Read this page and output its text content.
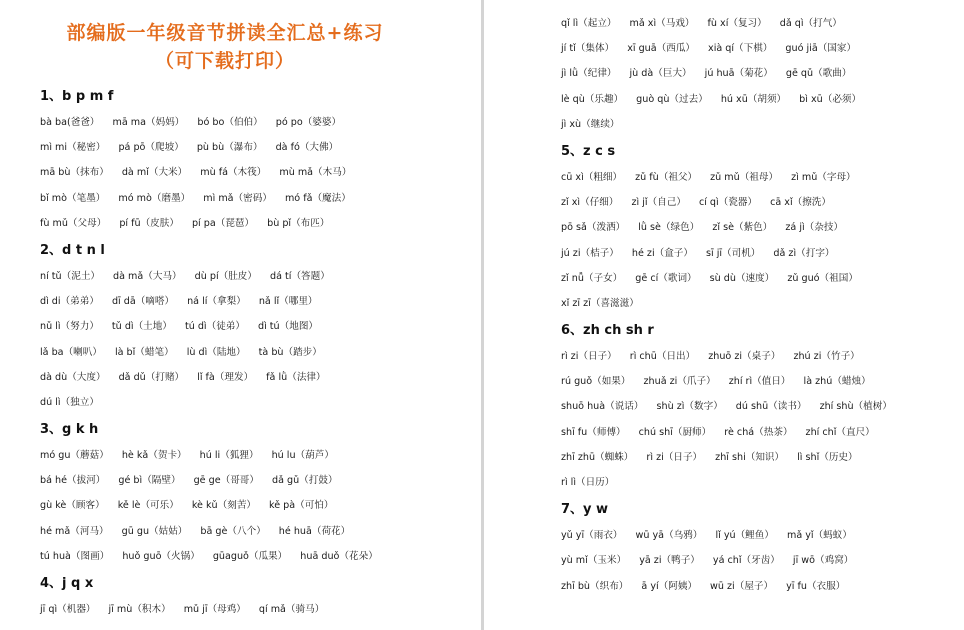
部编版一年级音节拼读全汇总+练习
（可下载打印）
1、b p m f
bà ba(爸爸） mā ma（妈妈） bó bo（伯伯） pó po（婆婆）
mì mi（秘密） pá pō（爬坡） pù bù（瀑布） dà fó（大佛）
mā bù（抹布） dà mǐ（大米） mù fá（木筏） mù mǎ（木马）
bǐ mò（笔墨） mó mò（磨墨） mì mǎ（密码） mó fǎ（魔法）
fù mǔ（父母） pí fū（皮肤） pí pa（琵琶） bù pǐ（布匹）
2、d t n l
ní tǔ（泥土） dà mǎ（大马） dù pí（肚皮） dá tí（答题）
dì di（弟弟） dī dā（嘀嗒） ná lí（拿梨） nǎ lǐ（哪里）
nǔ lì（努力） tǔ dì（土地） tú dì（徒弟） dì tú（地图）
lǎ ba（喇叭） là bǐ（蜡笔） lù dì（陆地） tà bù（踏步）
dà dù（大度） dǎ dǔ（打赌） lǐ fà（理发） fǎ lǜ（法律）
dú lì（独立）
3、g k h
mó gu（蘑菇） hè kǎ（贺卡） hú li（狐狸） hú lu（葫芦）
bá hé（拔河） gé bì（隔壁） gē ge（哥哥） dǎ gǔ（打鼓）
gù kè（顾客） kě lè（可乐） kè kǔ（刻苦） kě pà（可怕）
hé mǎ（河马） gū gu（姑姑） bā gè（八个） hé huā（荷花）
tú huà（图画） huǒ guō（火锅） gūaguǒ（瓜果） huā duǒ（花朵）
4、j q x
jī qì（机器） jī mù（积木） mǔ jī（母鸡） qí mǎ（骑马）
qǐ lì（起立） mǎ xì（马戏） fù xí（复习） dǎ qì（打气）
jí tǐ（集体） xī guā（西瓜） xià qí（下棋） guó jiā（国家）
jì lǜ（纪律） jù dà（巨大） jú huā（菊花） gē qǔ（歌曲）
lè qù（乐趣） guò qù（过去） hú xū（胡须） bì xū（必须）
jì xù（继续）
5、z c s
cū xì（粗细） zǔ fù（祖父） zǔ mǔ（祖母） zì mǔ（字母）
zǐ xì（仔细） zì jǐ（自己） cí qì（瓷器） cā xǐ（擦洗）
pō sǎ（泼洒） lǜ sè（绿色） zǐ sè（紫色） zá jì（杂技）
jú zi（桔子） hé zi（盒子） sī jī（司机） dǎ zì（打字）
zǐ nǚ（子女） gē cí（歌词） sù dù（速度） zǔ guó（祖国）
xǐ zī zī（喜滋滋）
6、zh ch sh r
rì zi（日子） rì chū（日出） zhuō zi（桌子） zhú zi（竹子）
rú guǒ（如果） zhuǎ zi（爪子） zhí rì（值日） là zhú（蜡烛）
shuō huà（说话） shù zì（数字） dú shū（读书） zhí shù（植树）
shī fu（师傅） chú shī（厨师） rè chá（热茶） zhí chǐ（直尺）
zhī zhū（蜘蛛） rì zi（日子） zhī shi（知识） lì shǐ（历史）
rì lì（日历）
7、y w
yǔ yī（雨衣） wū yā（乌鸦） lǐ yú（鲤鱼） mǎ yǐ（蚂蚁）
yù mǐ（玉米） yā zi（鸭子） yá chǐ（牙齿） jī wō（鸡窝）
zhī bù（织布） ā yí（阿姨） wū zi（屋子） yī fu（衣服）
